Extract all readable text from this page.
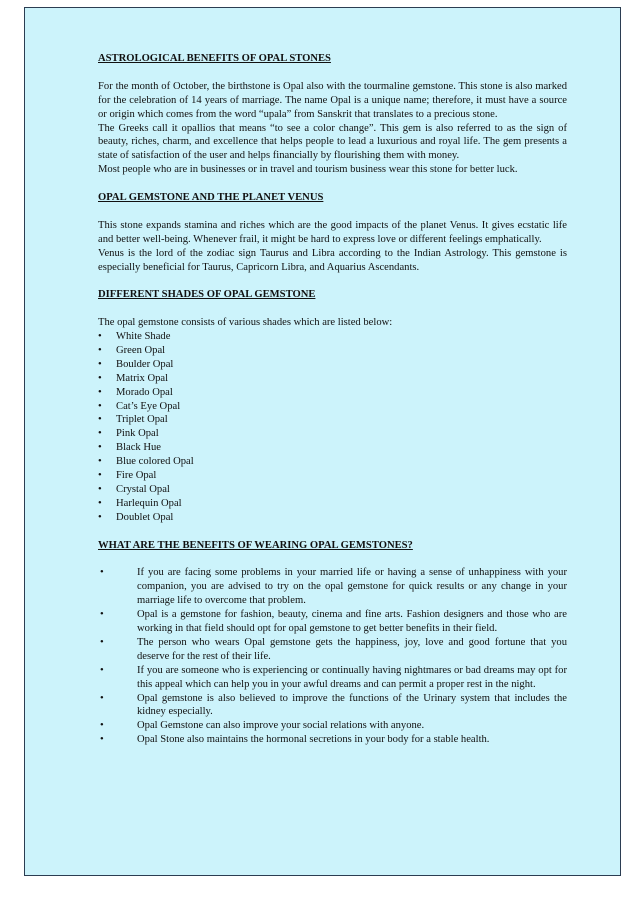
ASTROLOGICAL BENEFITS OF OPAL STONES

For the month of October, the birthstone is Opal also with the tourmaline gemstone. This stone is also marked for the celebration of 14 years of marriage. The name Opal is a unique name; therefore, it must have a source or origin which comes from the word “upala” from Sanskrit that translates to a precious stone.

The Greeks call it opallios that means “to see a color change”. This gem is also referred to as the sign of beauty, riches, charm, and excellence that helps people to lead a luxurious and royal life. The gem presents a state of satisfaction of the user and helps financially by flourishing them with money.

Most people who are in businesses or in travel and tourism business wear this stone for better luck.

OPAL GEMSTONE AND THE PLANET VENUS

This stone expands stamina and riches which are the good impacts of the planet Venus. It gives ecstatic life and better well-being. Whenever frail, it might be hard to express love or different feelings emphatically.

Venus is the lord of the zodiac sign Taurus and Libra according to the Indian Astrology. This gemstone is especially beneficial for Taurus, Capricorn Libra, and Aquarius Ascendants.

DIFFERENT SHADES OF OPAL GEMSTONE

The opal gemstone consists of various shades which are listed below:

• White Shade
• Green Opal
• Boulder Opal
• Matrix Opal
• Morado Opal
• Cat’s Eye Opal
• Triplet Opal
• Pink Opal
• Black Hue
• Blue colored Opal
• Fire Opal
• Crystal Opal
• Harlequin Opal
• Doublet Opal
WHAT ARE THE BENEFITS OF WEARING OPAL GEMSTONES?
•	If you are facing some problems in your married life or having a sense of unhappiness with your companion, you are advised to try on the opal gemstone for quick results or any change in your marriage life to overcome that problem.
•	Opal is a gemstone for fashion, beauty, cinema and fine arts. Fashion designers and those who are working in that field should opt for opal gemstone to get better benefits in their field.
•	The person who wears Opal gemstone gets the happiness, joy, love and good fortune that you deserve for the rest of their life.
•	If you are someone who is experiencing or continually having nightmares or bad dreams may opt for this appeal which can help you in your awful dreams and can permit a proper rest in the night.
•	Opal gemstone is also believed to improve the functions of the Urinary system that includes the kidney especially.
•	Opal Gemstone can also improve your social relations with anyone.
•	Opal Stone also maintains the hormonal secretions in your body for a stable health.
